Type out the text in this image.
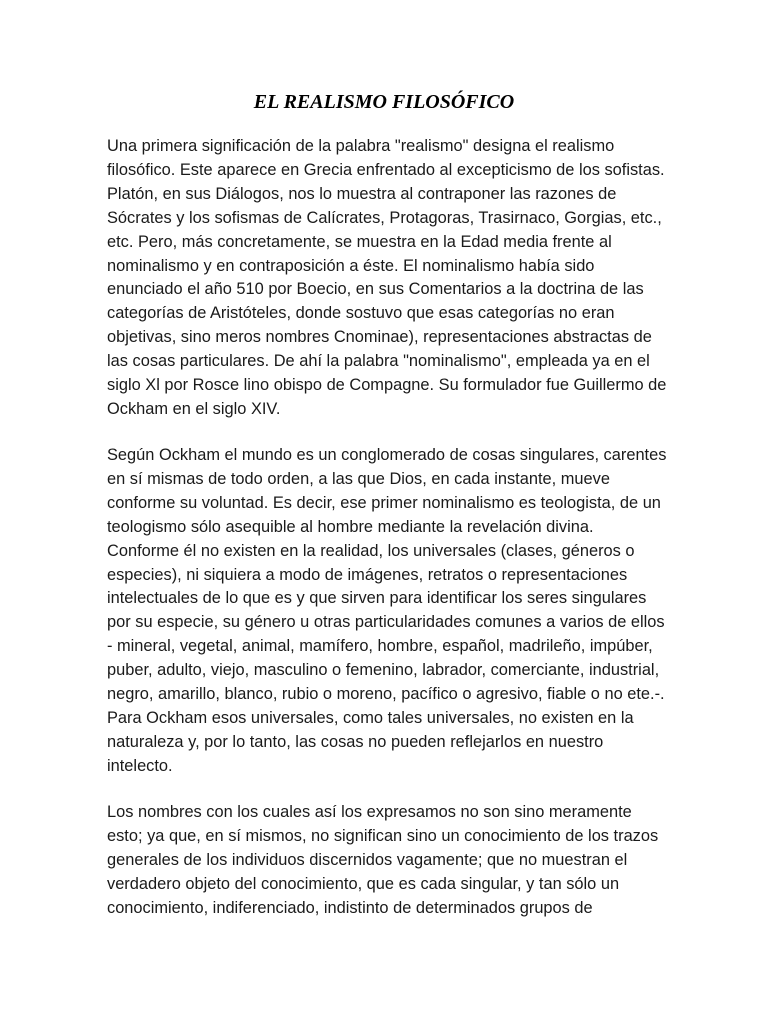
EL REALISMO FILOSÓFICO

Una primera significación de la palabra "realismo" designa el realismo filosófico. Este aparece en Grecia enfrentado al excepticismo de los sofistas. Platón, en sus Diálogos, nos lo muestra al contraponer las razones de Sócrates y los sofismas de Calícrates, Protagoras, Trasirnaco, Gorgias, etc., etc. Pero, más concretamente, se muestra en la Edad media frente al nominalismo y en contraposición a éste. El nominalismo había sido enunciado el año 510 por Boecio, en sus Comentarios a la doctrina de las categorías de Aristóteles, donde sostuvo que esas categorías no eran objetivas, sino meros nombres Cnominae), representaciones abstractas de las cosas particulares. De ahí la palabra "nominalismo", empleada ya en el siglo Xl por Rosce lino obispo de Compagne. Su formulador fue Guillermo de Ockham en el siglo XIV.

Según Ockham el mundo es un conglomerado de cosas singulares, carentes en sí mismas de todo orden, a las que Dios, en cada instante, mueve conforme su voluntad. Es decir, ese primer nominalismo es teologista, de un teologismo sólo asequible al hombre mediante la revelación divina. Conforme él no existen en la realidad, los universales (clases, géneros o especies), ni siquiera a modo de imágenes, retratos o representaciones intelectuales de lo que es y que sirven para identificar los seres singulares por su especie, su género u otras particularidades comunes a varios de ellos - mineral, vegetal, animal, mamífero, hombre, español, madrileño, impúber, puber, adulto, viejo, masculino o femenino, labrador, comerciante, industrial, negro, amarillo, blanco, rubio o moreno, pacífico o agresivo, fiable o no ete.-. Para Ockham esos universales, como tales universales, no existen en la naturaleza y, por lo tanto, las cosas no pueden reflejarlos en nuestro intelecto.

Los nombres con los cuales así los expresamos no son sino meramente esto; ya que, en sí mismos, no significan sino un conocimiento de los trazos generales de los individuos discernidos vagamente; que no muestran el verdadero objeto del conocimiento, que es cada singular, y tan sólo un conocimiento, indiferenciado, indistinto de determinados grupos de
